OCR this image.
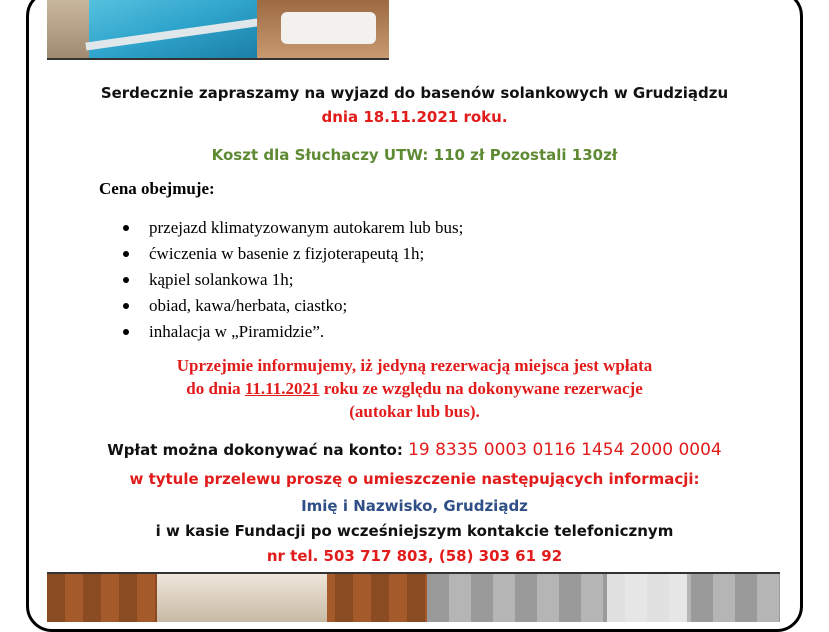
Serdecznie zapraszamy na wyjazd do basenów solankowych w Grudziądzu
dnia 18.11.2021 roku.
Koszt dla Słuchaczy UTW: 110 zł Pozostali 130zł
Cena obejmuje:
przejazd klimatyzowanym autokarem lub bus;
ćwiczenia w basenie z fizjoterapeutą 1h;
kąpiel solankowa 1h;
obiad, kawa/herbata, ciastko;
inhalacja w „Piramidzie”.
Uprzejmie informujemy, iż jedyną rezerwacją miejsca jest wpłata
do dnia 11.11.2021 roku ze względu na dokonywane rezerwacje
(autokar lub bus).
Wpłat można dokonywać na konto: 19 8335 0003 0116 1454 2000 0004
w tytule przelewu proszę o umieszczenie następujących informacji:
Imię i Nazwisko, Grudziądz
i w kasie Fundacji po wcześniejszym kontakcie telefonicznym
nr tel. 503 717 803, (58) 303 61 92
